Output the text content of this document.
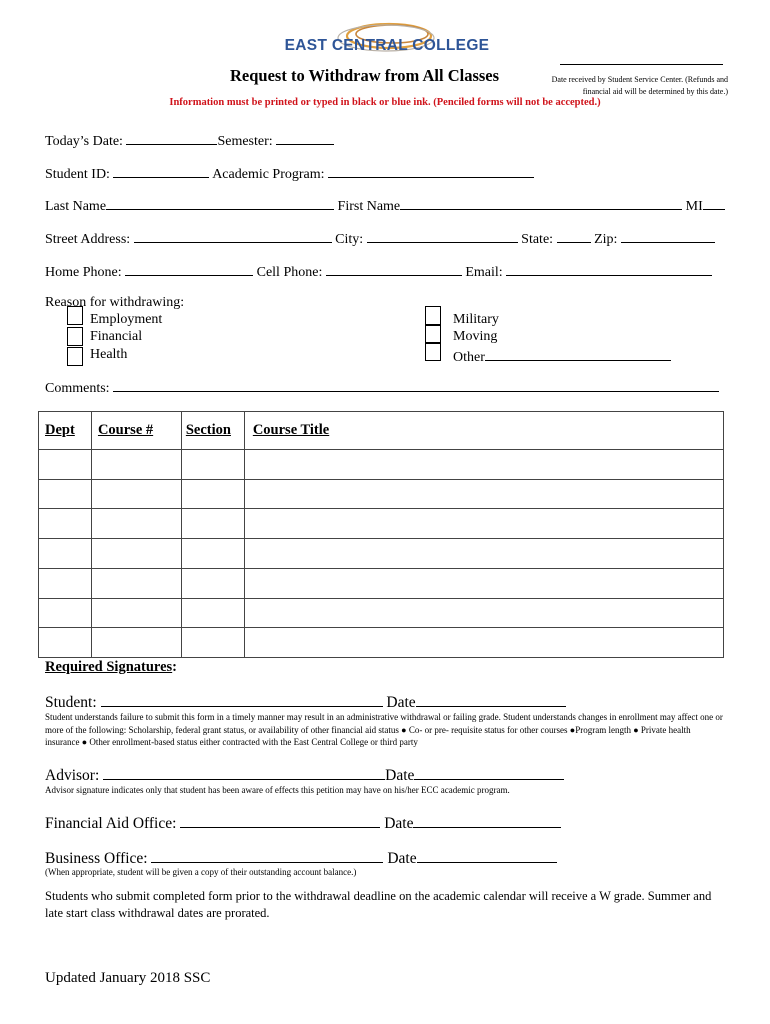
EAST CENTRAL COLLEGE
Request to Withdraw from All Classes	Date received by Student Service Center. (Refunds and financial aid will be determined by this date.)
Information must be printed or typed in black or blue ink. (Penciled forms will not be accepted.)
Today’s Date:	Semester:
Student ID:	Academic Program:
Last Name	First Name	MI
Street Address:	City:	State:	Zip:
Home Phone:	Cell Phone:	Email:
Reason for withdrawing:
Employment
Financial
Health
Military
Moving
Other
Comments:
Dept	Course #	Section	Course Title

Required Signatures:
Student:	Date
Student understands failure to submit this form in a timely manner may result in an administrative withdrawal or failing grade. Student understands changes in enrollment may affect one or more of the following: Scholarship, federal grant status, or availability of other financial aid status ● Co- or pre- requisite status for other courses ●Program length ● Private health insurance ● Other enrollment-based status either contracted with the East Central College or third party
Advisor:	Date
Advisor signature indicates only that student has been aware of effects this petition may have on his/her ECC academic program.
Financial Aid Office:	Date
Business Office:	Date
(When appropriate, student will be given a copy of their outstanding account balance.)
Students who submit completed form prior to the withdrawal deadline on the academic calendar will receive a W grade. Summer and late start class withdrawal dates are prorated.
Updated January 2018 SSC
